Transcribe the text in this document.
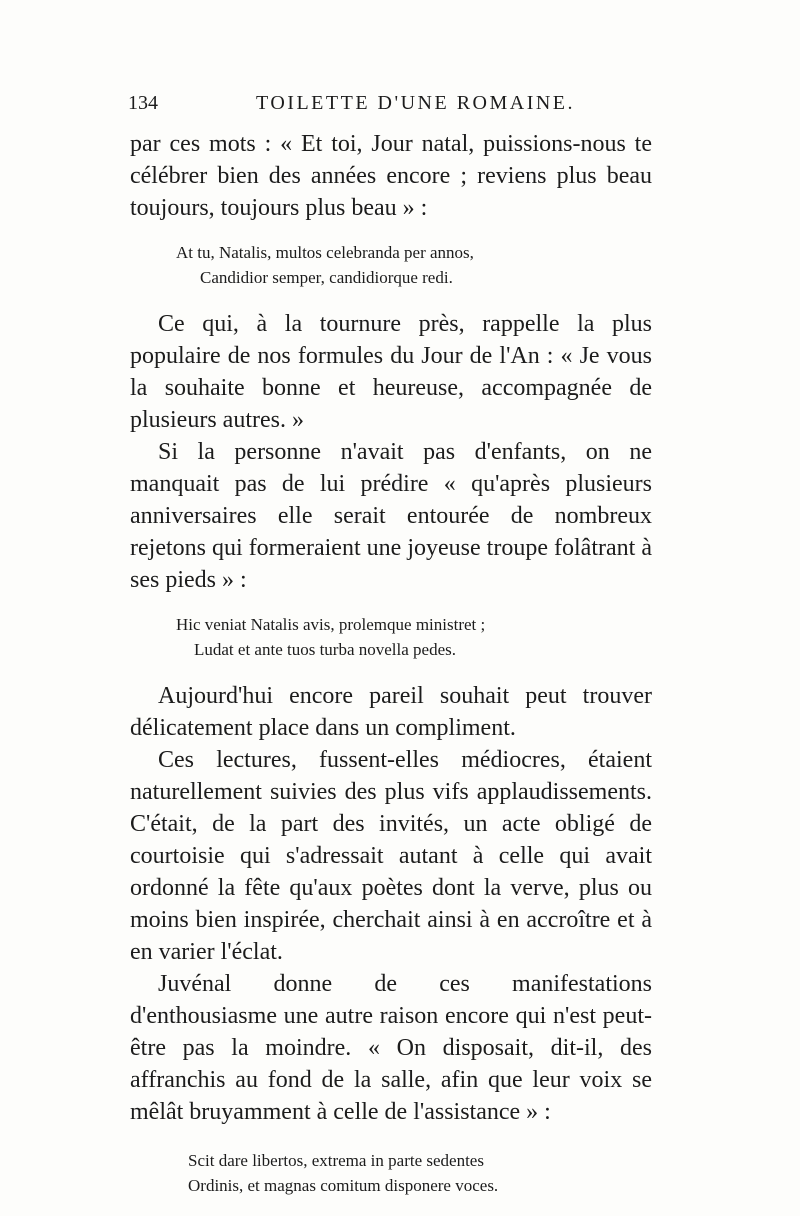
134	TOILETTE D'UNE ROMAINE.

par ces mots : « Et toi, Jour natal, puissions-nous te célébrer bien des années encore ; reviens plus beau toujours, toujours plus beau » :

At tu, Natalis, multos celebranda per annos,
Candidior semper, candidiorque redi.

Ce qui, à la tournure près, rappelle la plus populaire de nos formules du Jour de l'An : « Je vous la souhaite bonne et heureuse, accompagnée de plusieurs autres. »

Si la personne n'avait pas d'enfants, on ne manquait pas de lui prédire « qu'après plusieurs anniversaires elle serait entourée de nombreux rejetons qui formeraient une joyeuse troupe folâtrant à ses pieds » :

Hic veniat Natalis avis, prolemque ministret ;
Ludat et ante tuos turba novella pedes.

Aujourd'hui encore pareil souhait peut trouver délicatement place dans un compliment.

Ces lectures, fussent-elles médiocres, étaient naturellement suivies des plus vifs applaudissements. C'était, de la part des invités, un acte obligé de courtoisie qui s'adressait autant à celle qui avait ordonné la fête qu'aux poètes dont la verve, plus ou moins bien inspirée, cherchait ainsi à en accroître et à en varier l'éclat.

Juvénal donne de ces manifestations d'enthousiasme une autre raison encore qui n'est peut-être pas la moindre. « On disposait, dit-il, des affranchis au fond de la salle, afin que leur voix se mêlât bruyamment à celle de l'assistance » :

Scit dare libertos, extrema in parte sedentes
Ordinis, et magnas comitum disponere voces.
